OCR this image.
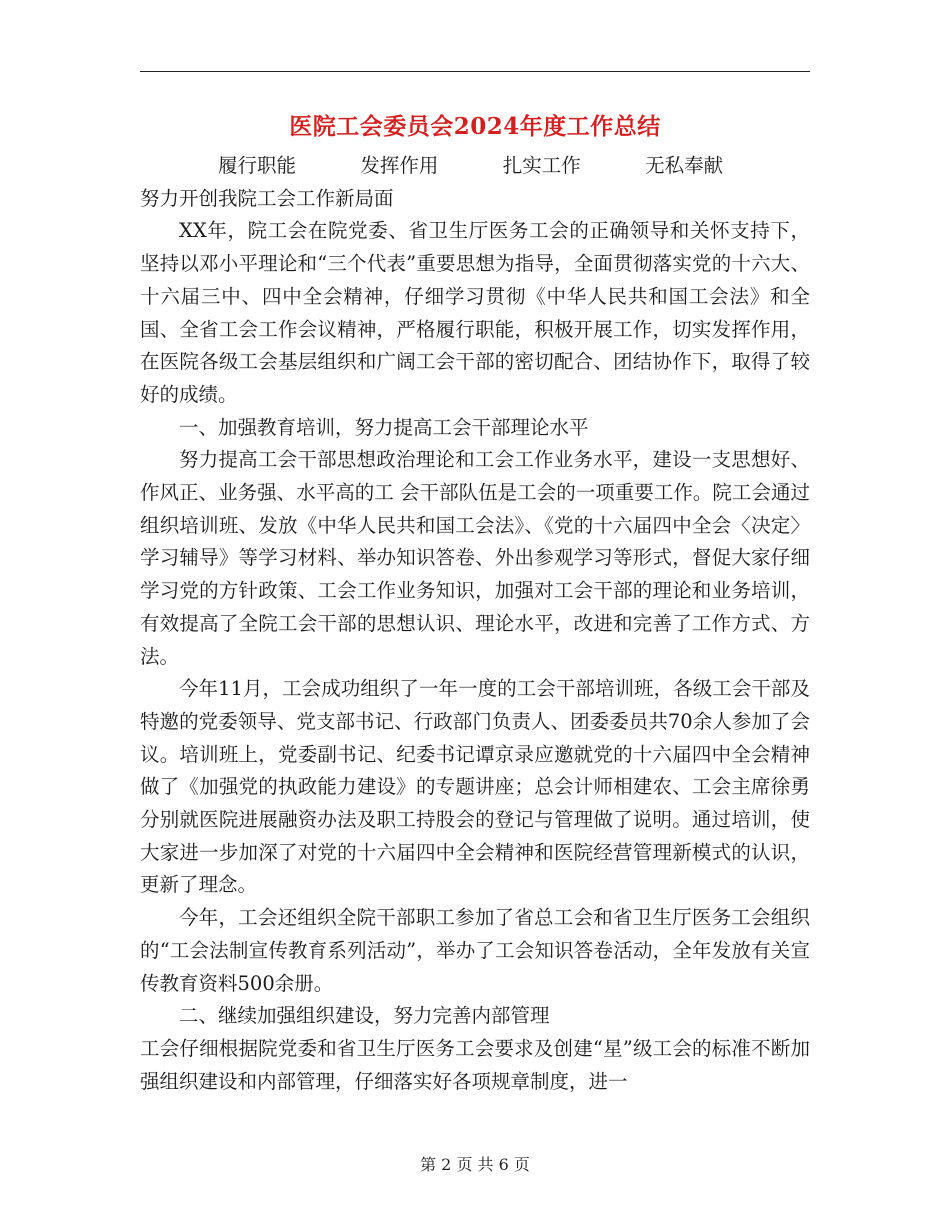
医院工会委员会2024年度工作总结

履行职能	发挥作用	扎实工作	无私奉献

努力开创我院工会工作新局面

XX年，院工会在院党委、省卫生厅医务工会的正确领导和关怀支持下，坚持以邓小平理论和“三个代表”重要思想为指导，全面贯彻落实党的十六大、十六届三中、四中全会精神，仔细学习贯彻《中华人民共和国工会法》和全国、全省工会工作会议精神，严格履行职能，积极开展工作，切实发挥作用，在医院各级工会基层组织和广阔工会干部的密切配合、团结协作下，取得了较好的成绩。

一、加强教育培训，努力提高工会干部理论水平

努力提高工会干部思想政治理论和工会工作业务水平，建设一支思想好、作风正、业务强、水平高的工 会干部队伍是工会的一项重要工作。院工会通过组织培训班、发放《中华人民共和国工会法》、《党的十六届四中全会〈决定〉学习辅导》等学习材料、举办知识答卷、外出参观学习等形式，督促大家仔细学习党的方针政策、工会工作业务知识，加强对工会干部的理论和业务培训，有效提高了全院工会干部的思想认识、理论水平，改进和完善了工作方式、方法。

今年11月，工会成功组织了一年一度的工会干部培训班，各级工会干部及特邀的党委领导、党支部书记、行政部门负责人、团委委员共70余人参加了会议。培训班上，党委副书记、纪委书记谭京录应邀就党的十六届四中全会精神做了《加强党的执政能力建设》的专题讲座；总会计师相建农、工会主席徐勇分别就医院进展融资办法及职工持股会的登记与管理做了说明。通过培训，使大家进一步加深了对党的十六届四中全会精神和医院经营管理新模式的认识，更新了理念。

今年，工会还组织全院干部职工参加了省总工会和省卫生厅医务工会组织的“工会法制宣传教育系列活动”，举办了工会知识答卷活动，全年发放有关宣传教育资料500余册。

二、继续加强组织建设，努力完善内部管理

工会仔细根据院党委和省卫生厅医务工会要求及创建“星”级工会的标准不断加强组织建设和内部管理，仔细落实好各项规章制度，进一

第 2 页 共 6 页
